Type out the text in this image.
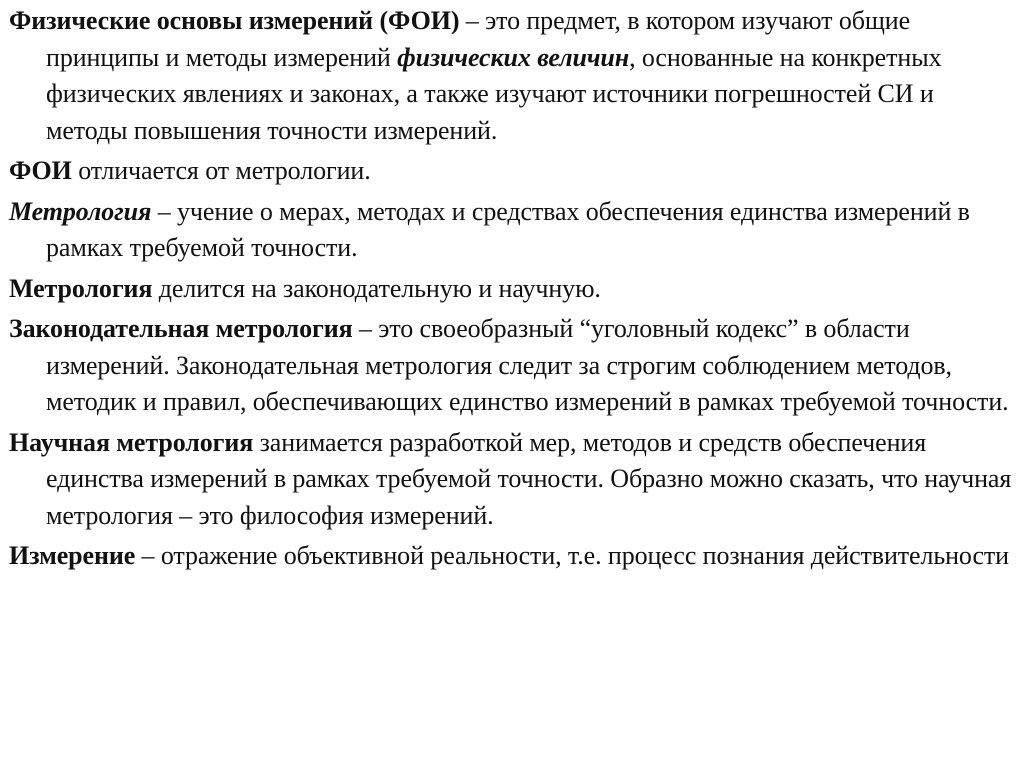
Физические основы измерений (ФОИ) – это предмет, в котором изучают общие принципы и методы измерений физических величин, основанные на конкретных физических явлениях и законах, а также изучают источники погрешностей СИ и методы повышения точности измерений.

ФОИ отличается от метрологии.

Метрология – учение о мерах, методах и средствах обеспечения единства измерений в рамках требуемой точности.

Метрология делится на законодательную и научную.

Законодательная метрология – это своеобразный “уголовный кодекс” в области измерений. Законодательная метрология следит за строгим соблюдением методов, методик и правил, обеспечивающих единство измерений в рамках требуемой точности.

Научная метрология занимается разработкой мер, методов и средств обеспечения единства измерений в рамках требуемой точности. Образно можно сказать, что научная метрология – это философия измерений.

Измерение – отражение объективной реальности, т.е. процесс познания действительности
